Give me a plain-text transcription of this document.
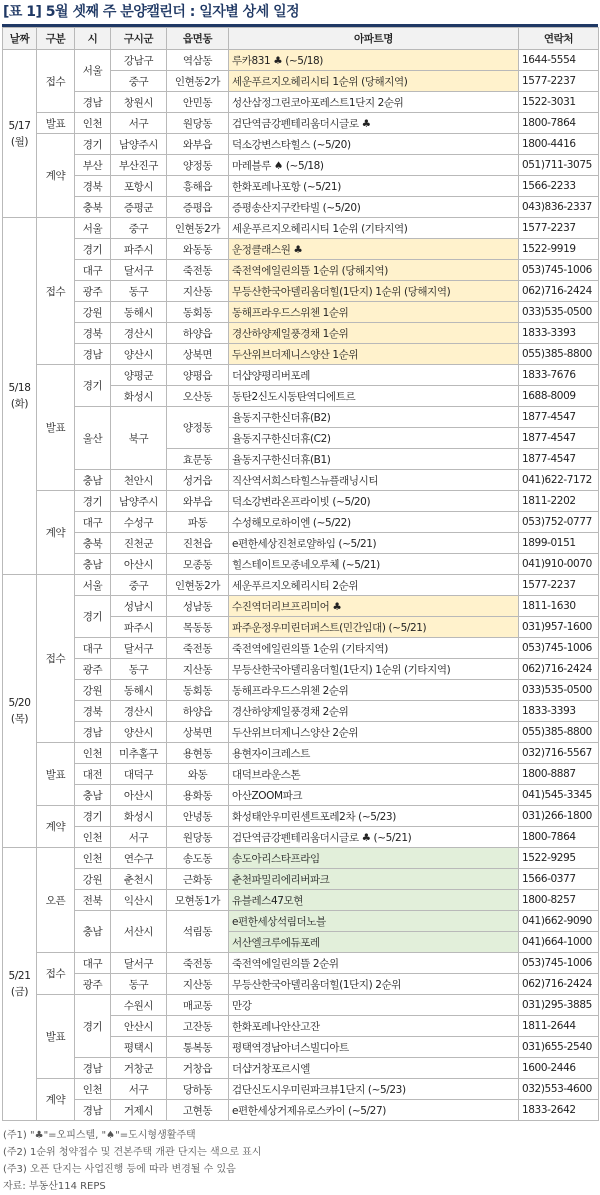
[표 1] 5월 셋째 주 분양캘린더 : 일자별 상세 일정
날짜	구분	시	구시군	읍면동	아파트명	연락처
5/17
(월)	접수	서울	강남구	역삼동	루카831 ♣ (~5/18)	1644-5554
			중구	인현동2가	세운푸르지오헤리시티 1순위 (당해지역)	1577-2237
		경남	창원시	안민동	성산삼정그린코아포레스트1단지 2순위	1522-3031
	발표	인천	서구	원당동	검단역금강펜테리움더시글로 ♣	1800-7864
	계약	경기	남양주시	와부읍	덕소강변스타힐스 (~5/20)	1800-4416
		부산	부산진구	양정동	마레블루 ♠ (~5/18)	051)711-3075
		경북	포항시	흥해읍	한화포레나포항 (~5/21)	1566-2233
		충북	증평군	증평읍	증평송산지구칸타빌 (~5/20)	043)836-2337
5/18
(화)	접수	서울	중구	인현동2가	세운푸르지오헤리시티 1순위 (기타지역)	1577-2237
		경기	파주시	와동동	운정클래스원 ♣	1522-9919
		대구	달서구	죽전동	죽전역에일린의뜰 1순위 (당해지역)	053)745-1006
		광주	동구	지산동	무등산한국아델리움더힐(1단지) 1순위 (당해지역)	062)716-2424
		강원	동해시	동회동	동해프라우드스위첸 1순위	033)535-0500
		경북	경산시	하양읍	경산하양제일풍경채 1순위	1833-3393
		경남	양산시	상북면	두산위브더제니스양산 1순위	055)385-8800
	발표	경기	양평군	양평읍	더샵양평리버포레	1833-7676
			화성시	오산동	동탄2신도시동탄역디에트르	1688-8009
		울산	북구	양정동	율동지구한신더휴(B2)	1877-4547
					율동지구한신더휴(C2)	1877-4547
				효문동	율동지구한신더휴(B1)	1877-4547
		충남	천안시	성거읍	직산역서희스타힐스뉴플래닝시티	041)622-7172
	계약	경기	남양주시	와부읍	덕소강변라온프라이빗 (~5/20)	1811-2202
		대구	수성구	파동	수성해모로하이엔 (~5/22)	053)752-0777
		충북	진천군	진천읍	e편한세상진천로얄하임 (~5/21)	1899-0151
		충남	아산시	모종동	힐스테이트모종네오루체 (~5/21)	041)910-0070
5/20
(목)	접수	서울	중구	인현동2가	세운푸르지오헤리시티 2순위	1577-2237
		경기	성남시	성남동	수진역더리브프리미어 ♣	1811-1630
			파주시	목동동	파주운정우미린더퍼스트(민간임대) (~5/21)	031)957-1600
		대구	달서구	죽전동	죽전역에일린의뜰 1순위 (기타지역)	053)745-1006
		광주	동구	지산동	무등산한국아델리움더힐(1단지) 1순위 (기타지역)	062)716-2424
		강원	동해시	동회동	동해프라우드스위첸 2순위	033)535-0500
		경북	경산시	하양읍	경산하양제일풍경채 2순위	1833-3393
		경남	양산시	상북면	두산위브더제니스양산 2순위	055)385-8800
	발표	인천	미추홀구	용현동	용현자이크레스트	032)716-5567
		대전	대덕구	와동	대덕브라운스톤	1800-8887
		충남	아산시	용화동	아산ZOOM파크	041)545-3345
	계약	경기	화성시	안녕동	화성태안우미린센트포레2차 (~5/23)	031)266-1800
		인천	서구	원당동	검단역금강펜테리움더시글로 ♣ (~5/21)	1800-7864
5/21
(금)	오픈	인천	연수구	송도동	송도아리스타프라임	1522-9295
		강원	춘천시	근화동	춘천파밀리에리버파크	1566-0377
		전북	익산시	모현동1가	유블레스47모현	1800-8257
		충남	서산시	석림동	e편한세상석림더노블	041)662-9090
					서산엘크루에듀포레	041)664-1000
	접수	대구	달서구	죽전동	죽전역에일린의뜰 2순위	053)745-1006
		광주	동구	지산동	무등산한국아델리움더힐(1단지) 2순위	062)716-2424
	발표	경기	수원시	매교동	만강	031)295-3885
			안산시	고잔동	한화포레나안산고잔	1811-2644
			평택시	통복동	평택역경남아너스빌디아트	031)655-2540
		경남	거창군	거창읍	더샵거창포르시엘	1600-2446
	계약	인천	서구	당하동	검단신도시우미린파크뷰1단지 (~5/23)	032)553-4600
		경남	거제시	고현동	e편한세상거제유로스카이 (~5/27)	1833-2642
(주1) "♣"=오피스텔, "♠"=도시형생활주택
(주2) 1순위 청약접수 및 견본주택 개관 단지는 색으로 표시
(주3) 오픈 단지는 사업진행 등에 따라 변경될 수 있음
자료: 부동산114 REPS
